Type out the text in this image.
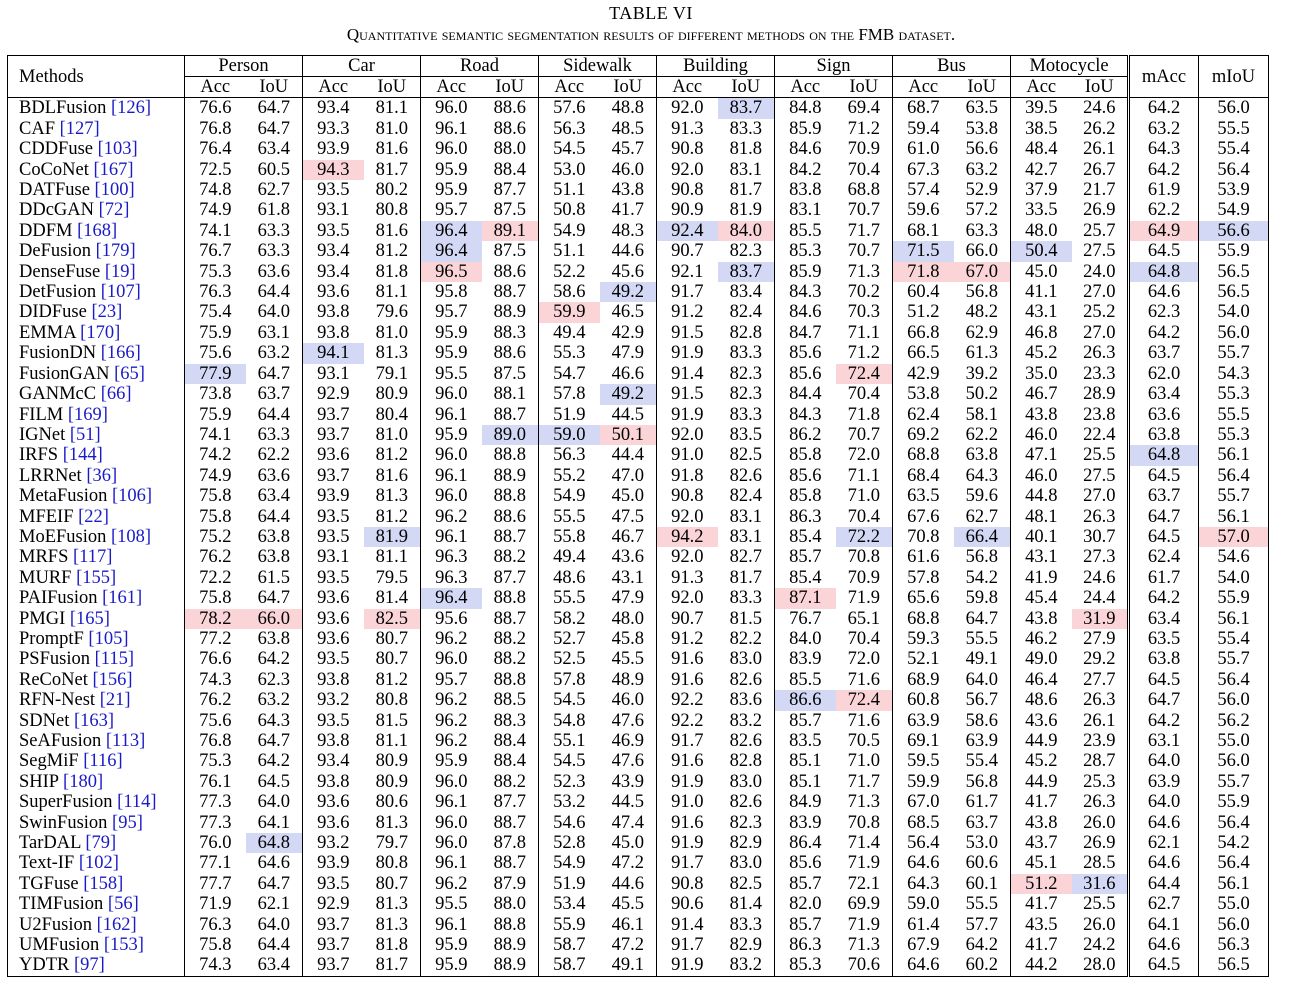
TABLE VI
Quantitative semantic segmentation results of different methods on the FMB dataset.
Methods	Person		Car		Road		Sidewalk		Building		Sign		Bus		Motocycle		mAcc	mIoU
	Acc	IoU	Acc	IoU	Acc	IoU	Acc	IoU	Acc	IoU	Acc	IoU	Acc	IoU	Acc	IoU		
BDLFusion [126]	76.6	64.7	93.4	81.1	96.0	88.6	57.6	48.8	92.0	83.7	84.8	69.4	68.7	63.5	39.5	24.6	64.2	56.0
CAF [127]	76.8	64.7	93.3	81.0	96.1	88.6	56.3	48.5	91.3	83.3	85.9	71.2	59.4	53.8	38.5	26.2	63.2	55.5
CDDFuse [103]	76.4	63.4	93.9	81.6	96.0	88.0	54.5	45.7	90.8	81.8	84.6	70.9	61.0	56.6	48.4	26.1	64.3	55.4
CoCoNet [167]	72.5	60.5	94.3	81.7	95.9	88.4	53.0	46.0	92.0	83.1	84.2	70.4	67.3	63.2	42.7	26.7	64.2	56.4
DATFuse [100]	74.8	62.7	93.5	80.2	95.9	87.7	51.1	43.8	90.8	81.7	83.8	68.8	57.4	52.9	37.9	21.7	61.9	53.9
DDcGAN [72]	74.9	61.8	93.1	80.8	95.7	87.5	50.8	41.7	90.9	81.9	83.1	70.7	59.6	57.2	33.5	26.9	62.2	54.9
DDFM [168]	74.1	63.3	93.5	81.6	96.4	89.1	54.9	48.3	92.4	84.0	85.5	71.7	68.1	63.3	48.0	25.7	64.9	56.6
DeFusion [179]	76.7	63.3	93.4	81.2	96.4	87.5	51.1	44.6	90.7	82.3	85.3	70.7	71.5	66.0	50.4	27.5	64.5	55.9
DenseFuse [19]	75.3	63.6	93.4	81.8	96.5	88.6	52.2	45.6	92.1	83.7	85.9	71.3	71.8	67.0	45.0	24.0	64.8	56.5
DetFusion [107]	76.3	64.4	93.6	81.1	95.8	88.7	58.6	49.2	91.7	83.4	84.3	70.2	60.4	56.8	41.1	27.0	64.6	56.5
DIDFuse [23]	75.4	64.0	93.8	79.6	95.7	88.9	59.9	46.5	91.2	82.4	84.6	70.3	51.2	48.2	43.1	25.2	62.3	54.0
EMMA [170]	75.9	63.1	93.8	81.0	95.9	88.3	49.4	42.9	91.5	82.8	84.7	71.1	66.8	62.9	46.8	27.0	64.2	56.0
FusionDN [166]	75.6	63.2	94.1	81.3	95.9	88.6	55.3	47.9	91.9	83.3	85.6	71.2	66.5	61.3	45.2	26.3	63.7	55.7
FusionGAN [65]	77.9	64.7	93.1	79.1	95.5	87.5	54.7	46.6	91.4	82.3	85.6	72.4	42.9	39.2	35.0	23.3	62.0	54.3
GANMcC [66]	73.8	63.7	92.9	80.9	96.0	88.1	57.8	49.2	91.5	82.3	84.4	70.4	53.8	50.2	46.7	28.9	63.4	55.3
FILM [169]	75.9	64.4	93.7	80.4	96.1	88.7	51.9	44.5	91.9	83.3	84.3	71.8	62.4	58.1	43.8	23.8	63.6	55.5
IGNet [51]	74.1	63.3	93.7	81.0	95.9	89.0	59.0	50.1	92.0	83.5	86.2	70.7	69.2	62.2	46.0	22.4	63.8	55.3
IRFS [144]	74.2	62.2	93.6	81.2	96.0	88.8	56.3	44.4	91.0	82.5	85.8	72.0	68.8	63.8	47.1	25.5	64.8	56.1
LRRNet [36]	74.9	63.6	93.7	81.6	96.1	88.9	55.2	47.0	91.8	82.6	85.6	71.1	68.4	64.3	46.0	27.5	64.5	56.4
MetaFusion [106]	75.8	63.4	93.9	81.3	96.0	88.8	54.9	45.0	90.8	82.4	85.8	71.0	63.5	59.6	44.8	27.0	63.7	55.7
MFEIF [22]	75.8	64.4	93.5	81.2	96.2	88.6	55.5	47.5	92.0	83.1	86.3	70.4	67.6	62.7	48.1	26.3	64.7	56.1
MoEFusion [108]	75.2	63.8	93.5	81.9	96.1	88.7	55.8	46.7	94.2	83.1	85.4	72.2	70.8	66.4	40.1	30.7	64.5	57.0
MRFS [117]	76.2	63.8	93.1	81.1	96.3	88.2	49.4	43.6	92.0	82.7	85.7	70.8	61.6	56.8	43.1	27.3	62.4	54.6
MURF [155]	72.2	61.5	93.5	79.5	96.3	87.7	48.6	43.1	91.3	81.7	85.4	70.9	57.8	54.2	41.9	24.6	61.7	54.0
PAIFusion [161]	75.8	64.7	93.6	81.4	96.4	88.8	55.5	47.9	92.0	83.3	87.1	71.9	65.6	59.8	45.4	24.4	64.2	55.9
PMGI [165]	78.2	66.0	93.6	82.5	95.6	88.7	58.2	48.0	90.7	81.5	76.7	65.1	68.8	64.7	43.8	31.9	63.4	56.1
PromptF [105]	77.2	63.8	93.6	80.7	96.2	88.2	52.7	45.8	91.2	82.2	84.0	70.4	59.3	55.5	46.2	27.9	63.5	55.4
PSFusion [115]	76.6	64.2	93.5	80.7	96.0	88.2	52.5	45.5	91.6	83.0	83.9	72.0	52.1	49.1	49.0	29.2	63.8	55.7
ReCoNet [156]	74.3	62.3	93.8	81.2	95.7	88.8	57.8	48.9	91.6	82.6	85.5	71.6	68.9	64.0	46.4	27.7	64.5	56.4
RFN-Nest [21]	76.2	63.2	93.2	80.8	96.2	88.5	54.5	46.0	92.2	83.6	86.6	72.4	60.8	56.7	48.6	26.3	64.7	56.0
SDNet [163]	75.6	64.3	93.5	81.5	96.2	88.3	54.8	47.6	92.2	83.2	85.7	71.6	63.9	58.6	43.6	26.1	64.2	56.2
SeAFusion [113]	76.8	64.7	93.8	81.1	96.2	88.4	55.1	46.9	91.7	82.6	83.5	70.5	69.1	63.9	44.9	23.9	63.1	55.0
SegMiF [116]	75.3	64.2	93.4	80.9	95.9	88.4	54.5	47.6	91.6	82.8	85.1	71.0	59.5	55.4	45.2	28.7	64.0	56.0
SHIP [180]	76.1	64.5	93.8	80.9	96.0	88.2	52.3	43.9	91.9	83.0	85.1	71.7	59.9	56.8	44.9	25.3	63.9	55.7
SuperFusion [114]	77.3	64.0	93.6	80.6	96.1	87.7	53.2	44.5	91.0	82.6	84.9	71.3	67.0	61.7	41.7	26.3	64.0	55.9
SwinFusion [95]	77.3	64.1	93.6	81.3	96.0	88.7	54.6	47.4	91.6	82.3	83.9	70.8	68.5	63.7	43.8	26.0	64.6	56.4
TarDAL [79]	76.0	64.8	93.2	79.7	96.0	87.8	52.8	45.0	91.9	82.9	86.4	71.4	56.4	53.0	43.7	26.9	62.1	54.2
Text-IF [102]	77.1	64.6	93.9	80.8	96.1	88.7	54.9	47.2	91.7	83.0	85.6	71.9	64.6	60.6	45.1	28.5	64.6	56.4
TGFuse [158]	77.7	64.7	93.5	80.7	96.2	87.9	51.9	44.6	90.8	82.5	85.7	72.1	64.3	60.1	51.2	31.6	64.4	56.1
TIMFusion [56]	71.9	62.1	92.9	81.3	95.5	88.0	53.4	45.5	90.6	81.4	82.0	69.9	59.0	55.5	41.7	25.5	62.7	55.0
U2Fusion [162]	76.3	64.0	93.7	81.3	96.1	88.8	55.9	46.1	91.4	83.3	85.7	71.9	61.4	57.7	43.5	26.0	64.1	56.0
UMFusion [153]	75.8	64.4	93.7	81.8	95.9	88.9	58.7	47.2	91.7	82.9	86.3	71.3	67.9	64.2	41.7	24.2	64.6	56.3
YDTR [97]	74.3	63.4	93.7	81.7	95.9	88.9	58.7	49.1	91.9	83.2	85.3	70.6	64.6	60.2	44.2	28.0	64.5	56.5
